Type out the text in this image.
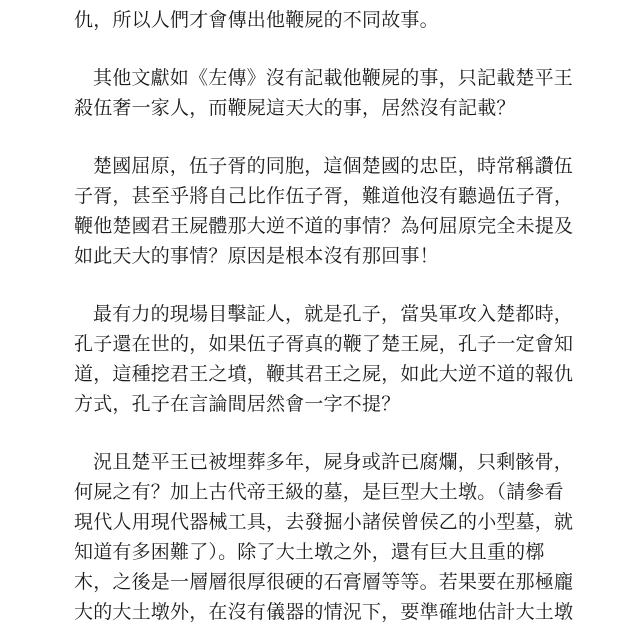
仇，所以人們才會傳出他鞭屍的不同故事。
其他文獻如《左傳》沒有記載他鞭屍的事，只記載楚平王
殺伍奢一家人，而鞭屍這天大的事，居然沒有記載？
楚國屈原，伍子胥的同胞，這個楚國的忠臣，時常稱讚伍
子胥，甚至乎將自己比作伍子胥，難道他沒有聽過伍子胥，
鞭他楚國君王屍體那大逆不道的事情？為何屈原完全未提及
如此天大的事情？原因是根本沒有那回事！
最有力的現場目擊証人，就是孔子，當吳軍攻入楚都時，
孔子還在世的，如果伍子胥真的鞭了楚王屍，孔子一定會知
道，這種挖君王之墳，鞭其君王之屍，如此大逆不道的報仇
方式，孔子在言論間居然會一字不提？
況且楚平王已被埋葬多年，屍身或許已腐爛，只剩骸骨，
何屍之有？加上古代帝王級的墓，是巨型大土墩。（請參看
現代人用現代器械工具，去發掘小諸侯曾侯乙的小型墓，就
知道有多困難了）。除了大土墩之外，還有巨大且重的槨
木，之後是一層層很厚很硬的石膏層等等。若果要在那極龐
大的大土墩外，在沒有儀器的情況下，要準確地估計大土墩
